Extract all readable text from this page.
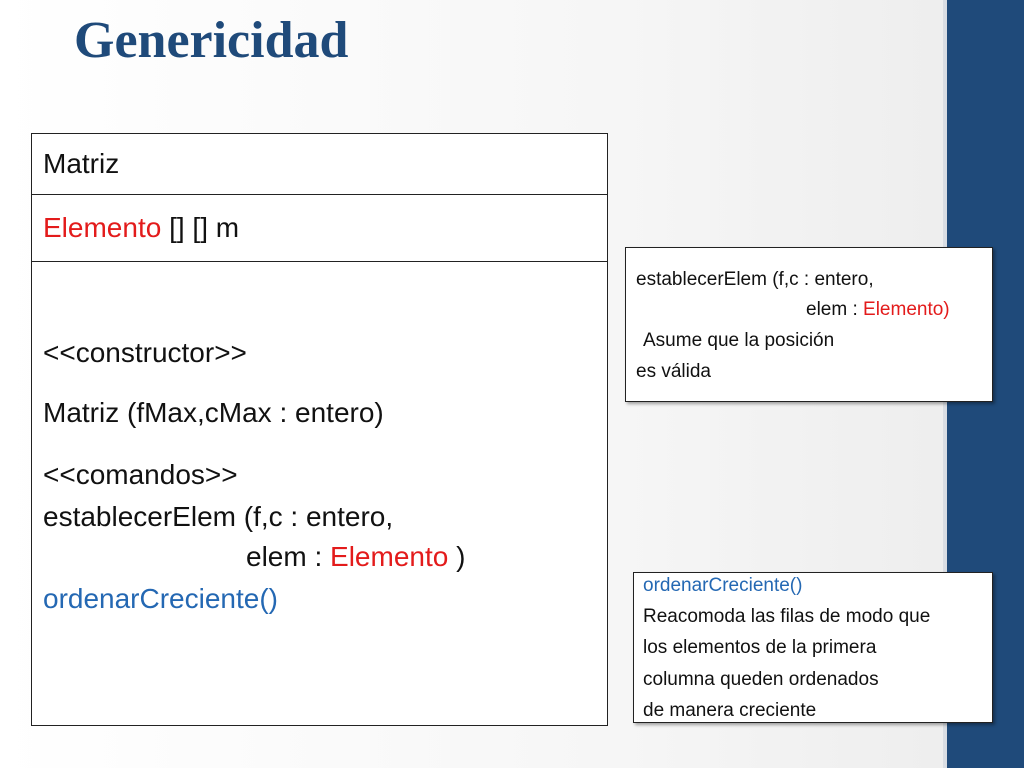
Genericidad
Matriz
Elemento [] [] m
<<constructor>>
Matriz (fMax,cMax : entero)
<<comandos>>
establecerElem (f,c : entero,
elem : Elemento )
ordenarCreciente()
establecerElem (f,c : entero,
elem : Elemento)
Asume que la posición
es válida
ordenarCreciente()
Reacomoda las filas de modo que
los elementos de la primera
columna queden ordenados
de manera creciente
